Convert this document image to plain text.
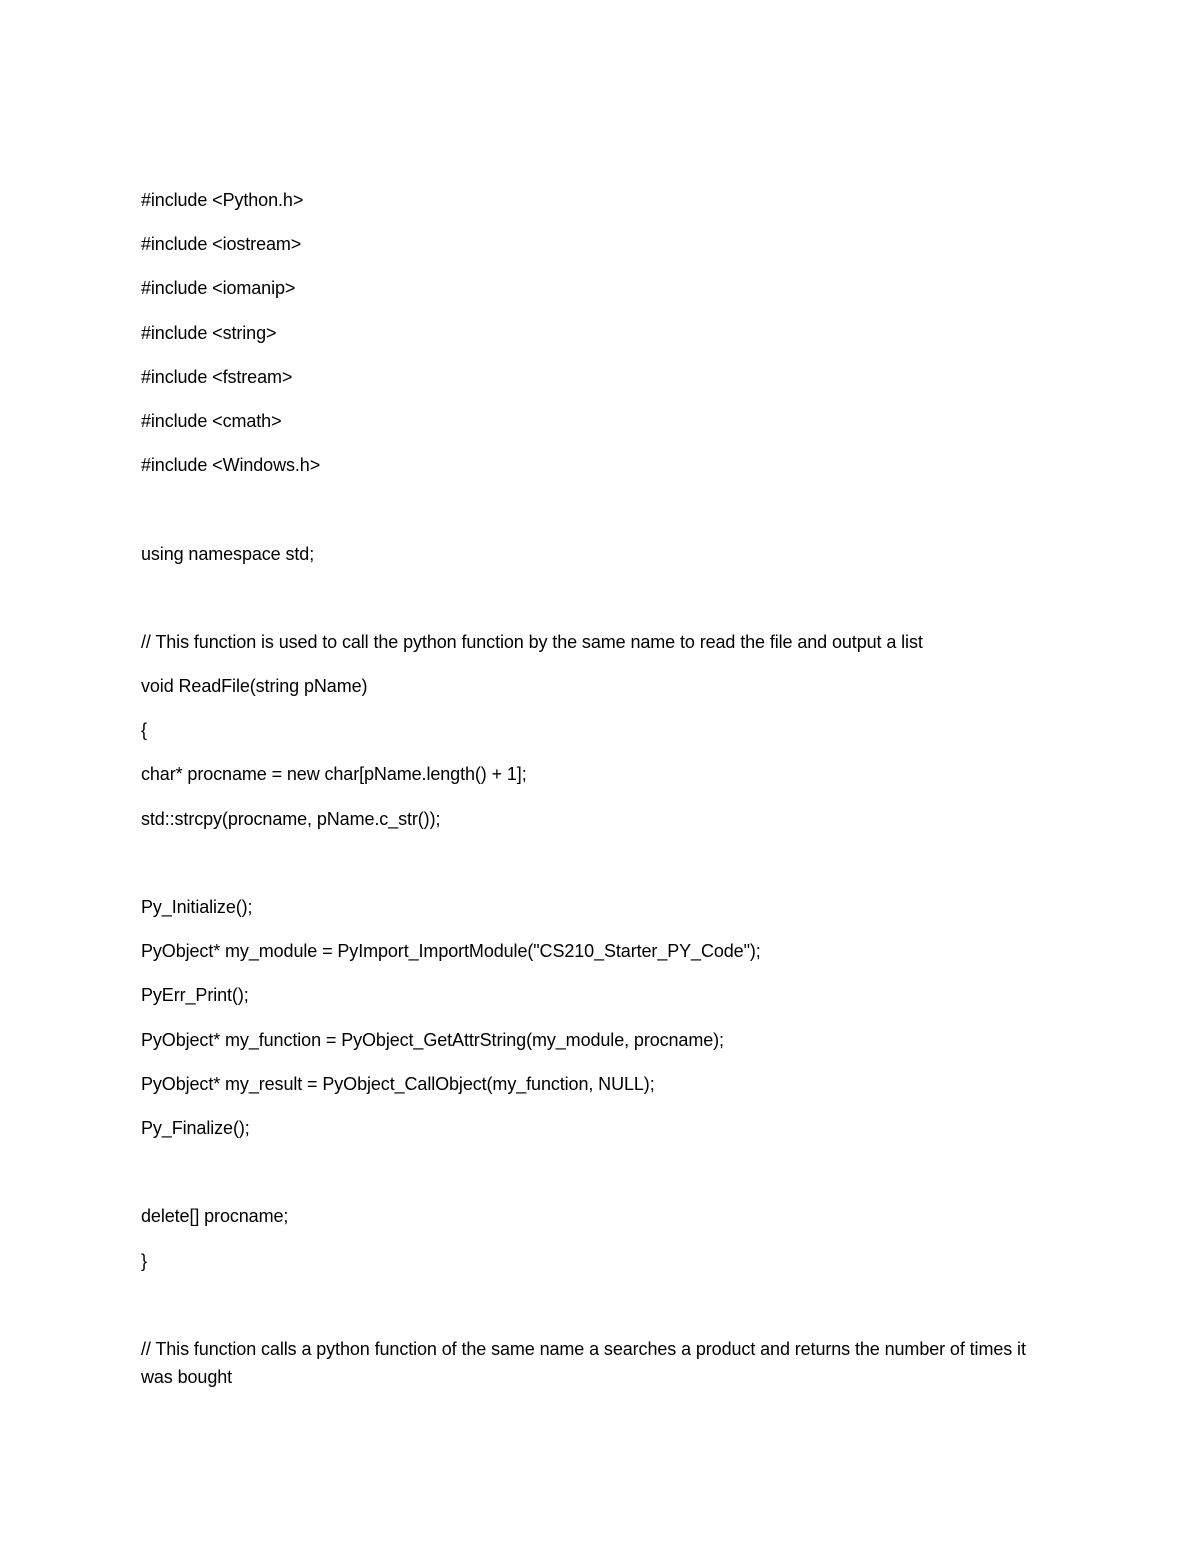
#include <Python.h>
#include <iostream>
#include <iomanip>
#include <string>
#include <fstream>
#include <cmath>
#include <Windows.h>
using namespace std;
// This function is used to call the python function by the same name to read the file and output a list
void ReadFile(string pName)
{
char* procname = new char[pName.length() + 1];
std::strcpy(procname, pName.c_str());
Py_Initialize();
PyObject* my_module = PyImport_ImportModule("CS210_Starter_PY_Code");
PyErr_Print();
PyObject* my_function = PyObject_GetAttrString(my_module, procname);
PyObject* my_result = PyObject_CallObject(my_function, NULL);
Py_Finalize();
delete[] procname;
}
// This function calls a python function of the same name a searches a product and returns the number of times it was bought
